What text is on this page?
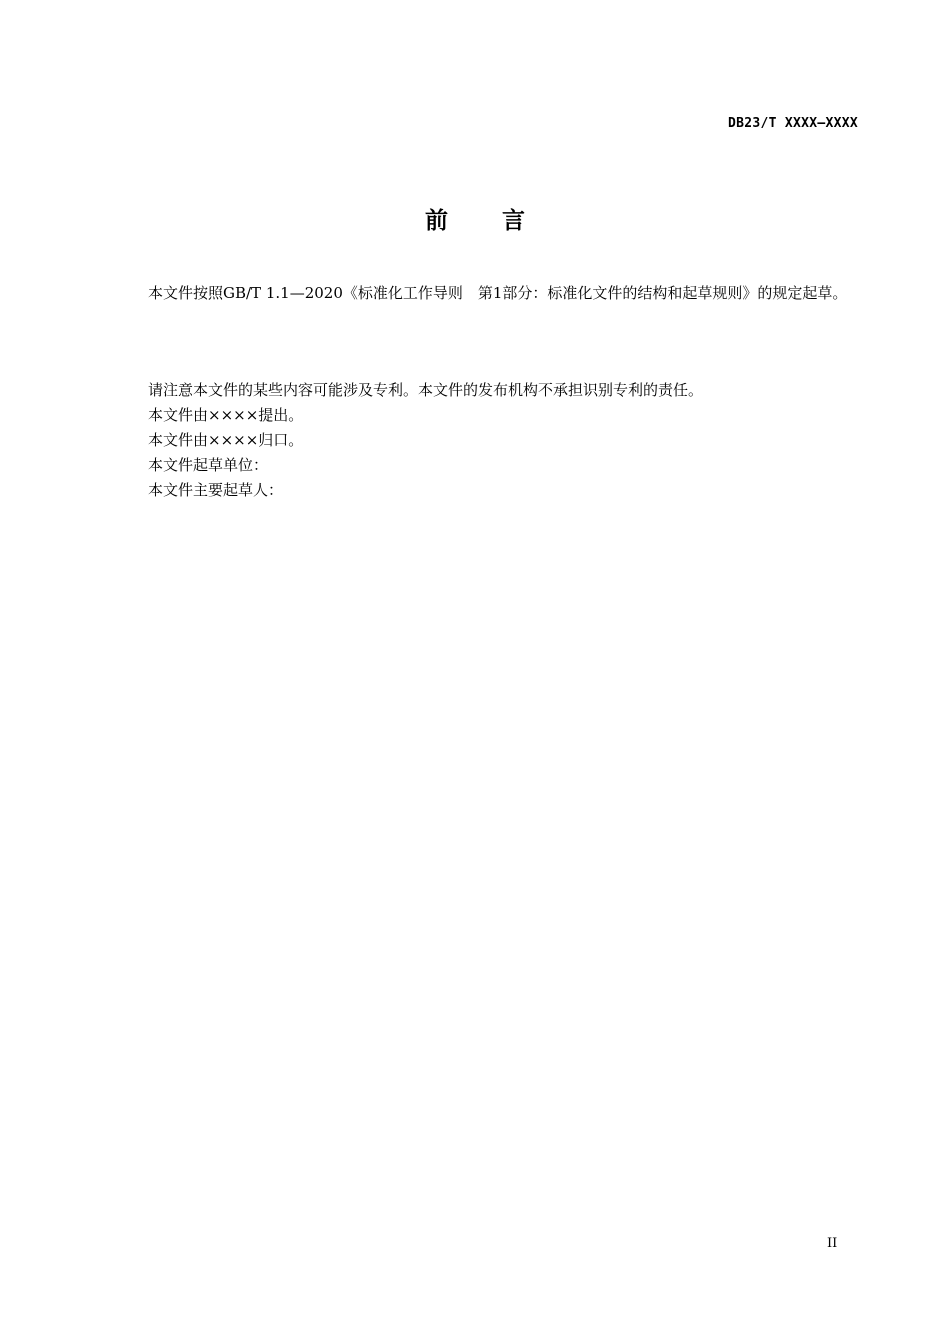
DB23/T XXXX—XXXX
前 言
本文件按照GB/T 1.1—2020《标准化工作导则　第1部分：标准化文件的结构和起草规则》的规定起草。
请注意本文件的某些内容可能涉及专利。本文件的发布机构不承担识别专利的责任。
本文件由××××提出。
本文件由××××归口。
本文件起草单位：
本文件主要起草人：
II
